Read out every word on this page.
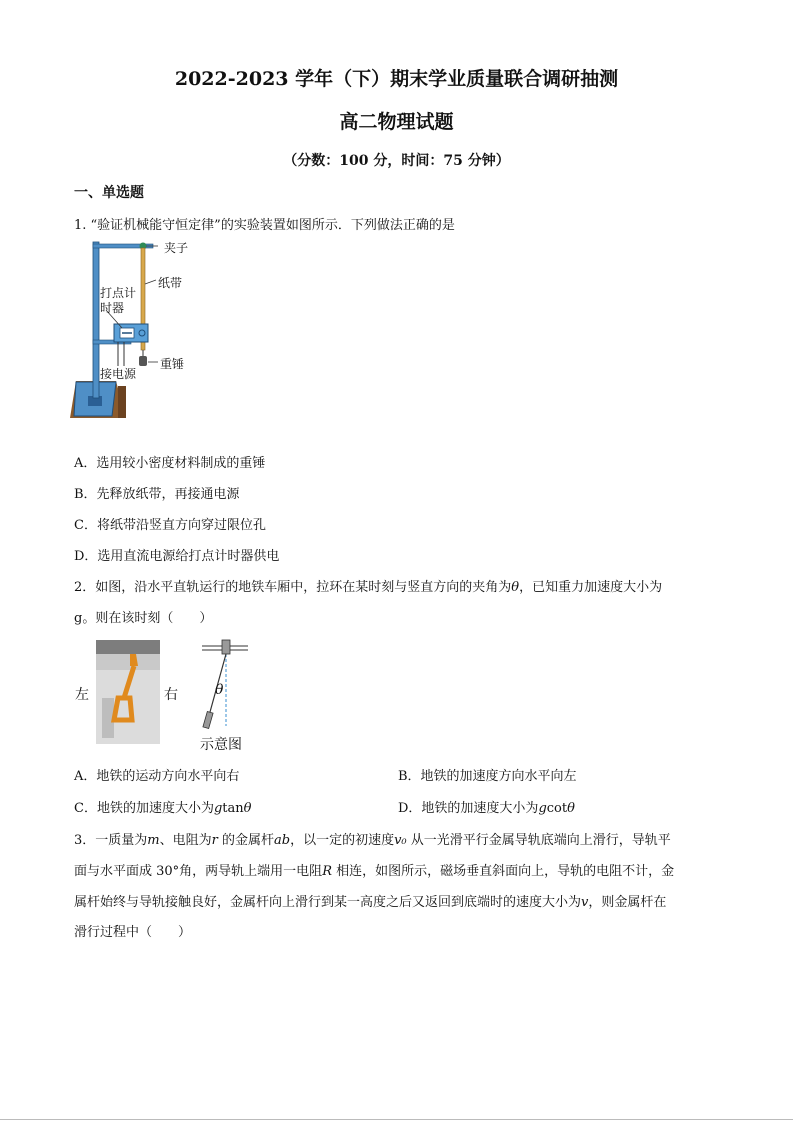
2022-2023 学年（下）期末学业质量联合调研抽测
高二物理试题
（分数：100 分，时间：75 分钟）
一、单选题
1. “验证机械能守恒定律”的实验装置如图所示．下列做法正确的是
夹子
纸带
打点计
时器
重锤
接电源
A．选用较小密度材料制成的重锤
B．先释放纸带，再接通电源
C．将纸带沿竖直方向穿过限位孔
D．选用直流电源给打点计时器供电
2．如图，沿水平直轨运行的地铁车厢中，拉环在某时刻与竖直方向的夹角为θ，已知重力加速度大小为
g。则在该时刻（　　）
左	右	θ
示意图
A．地铁的运动方向水平向右	B．地铁的加速度方向水平向左
C．地铁的加速度大小为gtanθ	D．地铁的加速度大小为gcotθ
3．一质量为m、电阻为r 的金属杆ab，以一定的初速度v₀ 从一光滑平行金属导轨底端向上滑行，导轨平
面与水平面成 30°角，两导轨上端用一电阻R 相连，如图所示，磁场垂直斜面向上，导轨的电阻不计，金
属杆始终与导轨接触良好，金属杆向上滑行到某一高度之后又返回到底端时的速度大小为v，则金属杆在
滑行过程中（　　）
